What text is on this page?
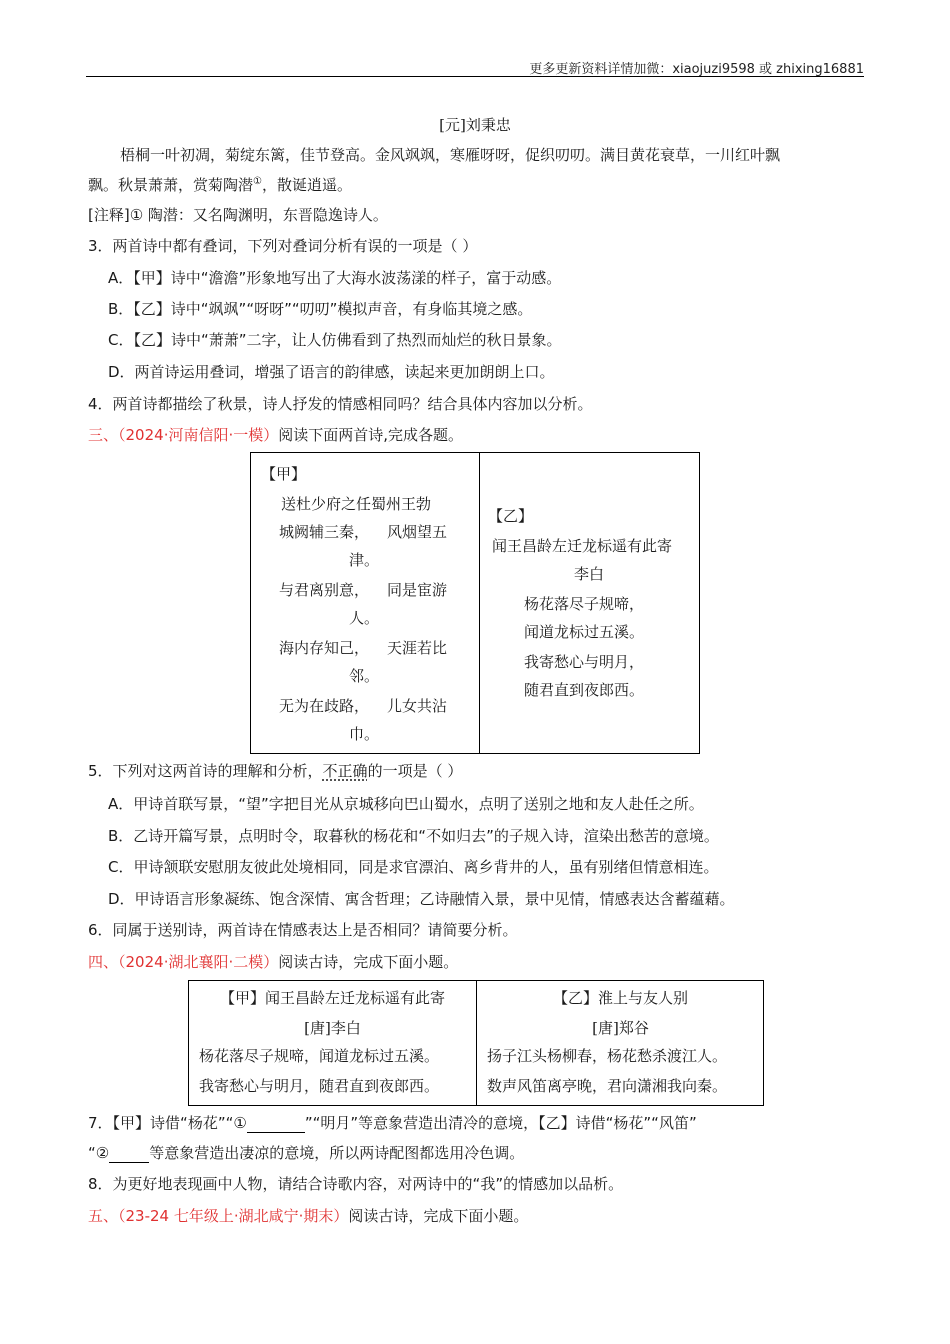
更多更新资料详情加微：xiaojuzi9598 或 zhixing16881
[元]刘秉忠
梧桐一叶初凋，菊绽东篱，佳节登高。金风飒飒，寒雁呀呀，促织叨叨。满目黄花衰草，一川红叶飘
飘。秋景萧萧，赏菊陶潜①，散诞逍遥。
[注释]① 陶潜：又名陶渊明，东晋隐逸诗人。
3．两首诗中都有叠词，下列对叠词分析有误的一项是（ ）
A．【甲】诗中“澹澹”形象地写出了大海水波荡漾的样子，富于动感。
B．【乙】诗中“飒飒”“呀呀”“叨叨”模拟声音，有身临其境之感。
C．【乙】诗中“萧萧”二字，让人仿佛看到了热烈而灿烂的秋日景象。
D．两首诗运用叠词，增强了语言的韵律感，读起来更加朗朗上口。
4．两首诗都描绘了秋景，诗人抒发的情感相同吗？结合具体内容加以分析。
三、（2024·河南信阳·一模）阅读下面两首诗,完成各题。
【甲】
送杜少府之任蜀州王勃
城阙辅三秦， 风烟望五
津。
与君离别意， 同是宦游
人。
海内存知己， 天涯若比
邻。
无为在歧路， 儿女共沾
巾。

【乙】
闻王昌龄左迁龙标遥有此寄
李白
杨花落尽子规啼，
闻道龙标过五溪。
我寄愁心与明月，
随君直到夜郎西。
5．下列对这两首诗的理解和分析，不正确的一项是（ ）
A．甲诗首联写景，“望”字把目光从京城移向巴山蜀水，点明了送别之地和友人赴任之所。
B．乙诗开篇写景，点明时令，取暮秋的杨花和“不如归去”的子规入诗，渲染出愁苦的意境。
C．甲诗颔联安慰朋友彼此处境相同，同是求官漂泊、离乡背井的人，虽有别绪但情意相连。
D．甲诗语言形象凝练、饱含深情、寓含哲理；乙诗融情入景，景中见情，情感表达含蓄蕴藉。
6．同属于送别诗，两首诗在情感表达上是否相同？请简要分析。
四、（2024·湖北襄阳·二模）阅读古诗，完成下面小题。
【甲】闻王昌龄左迁龙标遥有此寄
[唐]李白
杨花落尽子规啼，闻道龙标过五溪。
我寄愁心与明月，随君直到夜郎西。

【乙】淮上与友人别
[唐]郑谷
扬子江头杨柳春，杨花愁杀渡江人。
数声风笛离亭晚，君向潇湘我向秦。
7．【甲】诗借“杨花”“①	”“明月”等意象营造出清冷的意境，【乙】诗借“杨花”“风笛”
“②	等意象营造出凄凉的意境，所以两诗配图都选用冷色调。
8．为更好地表现画中人物，请结合诗歌内容，对两诗中的“我”的情感加以品析。
五、（23-24 七年级上·湖北咸宁·期末）阅读古诗，完成下面小题。
